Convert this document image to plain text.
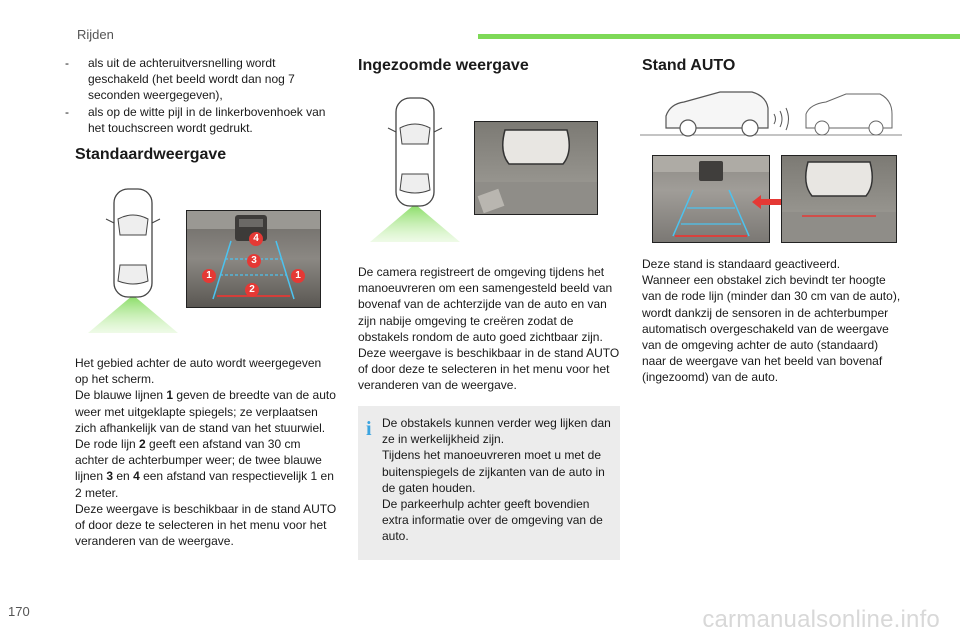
Rijden
-	als uit de achteruitversnelling wordt geschakeld (het beeld wordt dan nog 7 seconden weergegeven),
-	als op de witte pijl in de linkerbovenhoek van het touchscreen wordt gedrukt.
Standaardweergave
4
3
1	1
2
Het gebied achter de auto wordt weergegeven op het scherm.
De blauwe lijnen 1 geven de breedte van de auto weer met uitgeklapte spiegels; ze verplaatsen zich afhankelijk van de stand van het stuurwiel.
De rode lijn 2 geeft een afstand van 30 cm achter de achterbumper weer; de twee blauwe lijnen 3 en 4 een afstand van respectievelijk 1 en 2 meter.
Deze weergave is beschikbaar in de stand AUTO of door deze te selecteren in het menu voor het veranderen van de weergave.
Ingezoomde weergave
De camera registreert de omgeving tijdens het manoeuvreren om een samengesteld beeld van bovenaf van de achterzijde van de auto en van zijn nabije omgeving te creëren zodat de obstakels rondom de auto goed zichtbaar zijn.
Deze weergave is beschikbaar in de stand AUTO of door deze te selecteren in het menu voor het veranderen van de weergave.
i De obstakels kunnen verder weg lijken dan ze in werkelijkheid zijn.
Tijdens het manoeuvreren moet u met de buitenspiegels de zijkanten van de auto in de gaten houden.
De parkeerhulp achter geeft bovendien extra informatie over de omgeving van de auto.
Stand AUTO
Deze stand is standaard geactiveerd.
Wanneer een obstakel zich bevindt ter hoogte van de rode lijn (minder dan 30 cm van de auto), wordt dankzij de sensoren in de achterbumper automatisch overgeschakeld van de weergave van de omgeving achter de auto (standaard) naar de weergave van het beeld van bovenaf (ingezoomd) van de auto.
170	carmanualsonline.info
